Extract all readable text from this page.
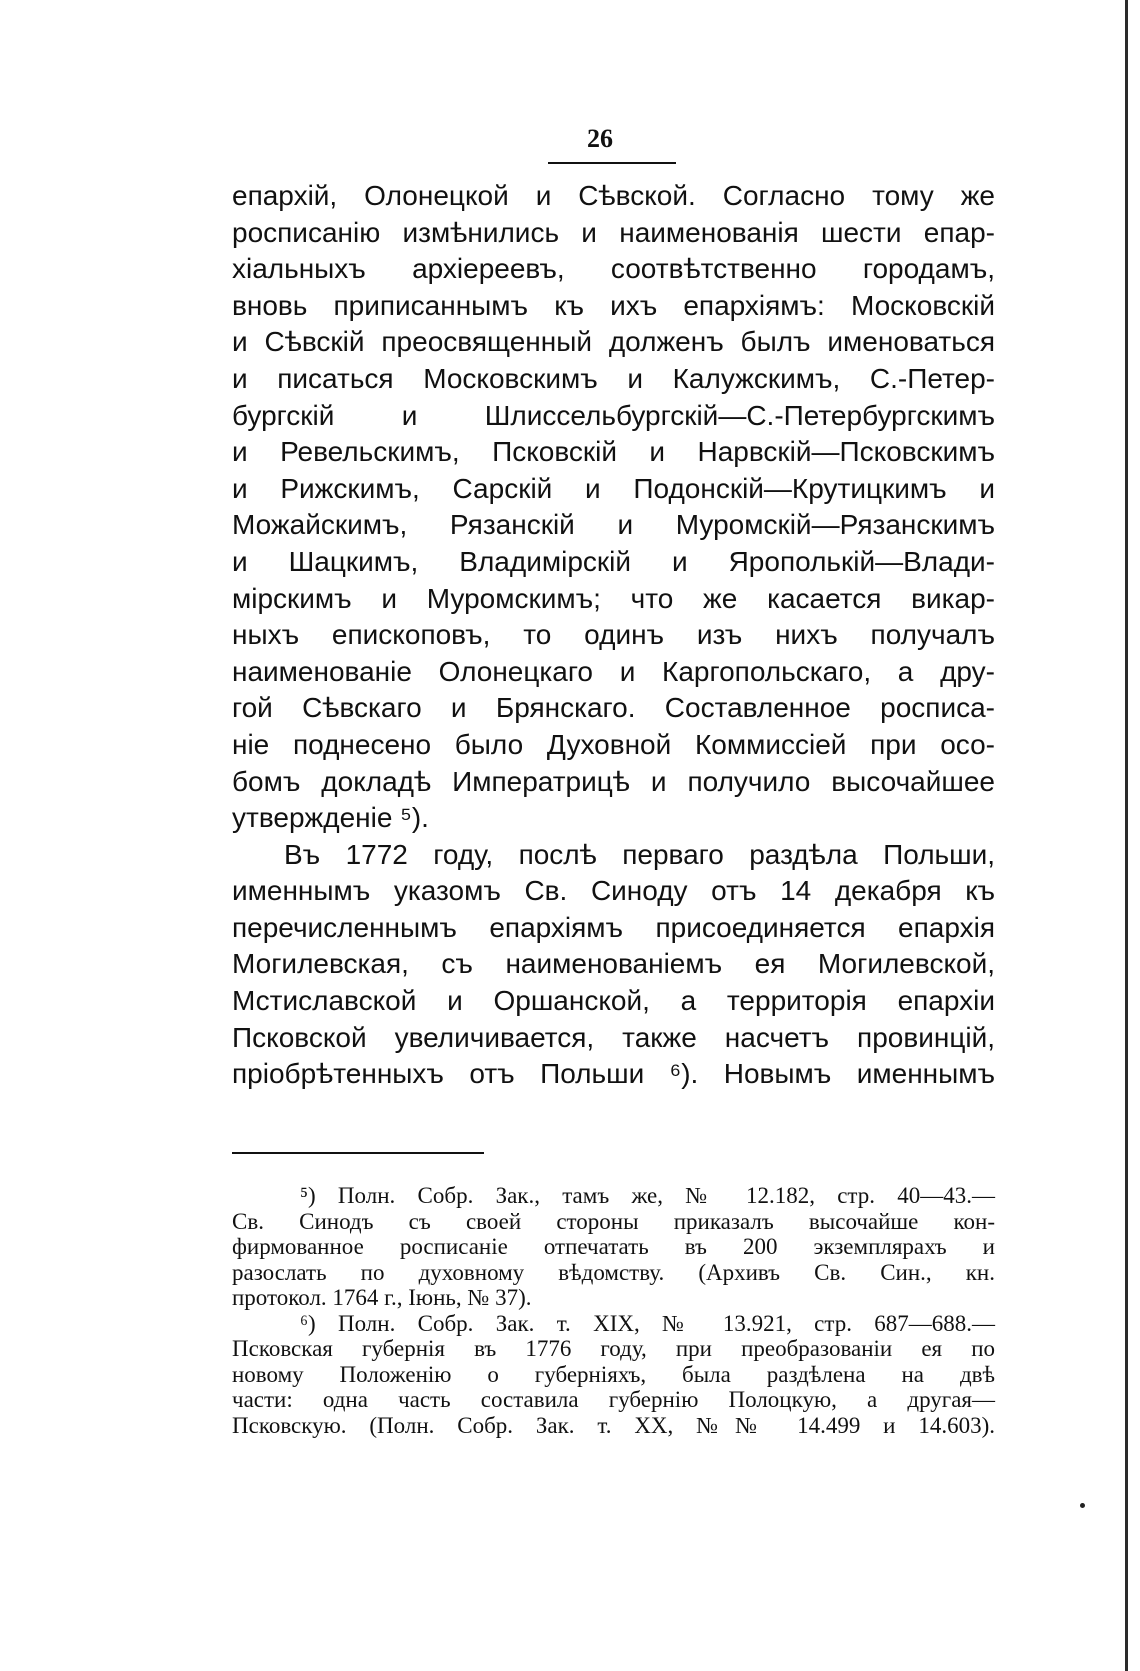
26
епархій, Олонецкой и Сѣвской. Согласно тому же
росписанію измѣнились и наименованія шести епар-
хіальныхъ архіереевъ, соотвѣтственно городамъ,
вновь приписаннымъ къ ихъ епархіямъ: Московскій
и Сѣвскій преосвященный долженъ былъ именоваться
и писаться Московскимъ и Калужскимъ, С.-Петер-
бургскій и Шлиссельбургскій—С.-Петербургскимъ
и Ревельскимъ, Псковскій и Нарвскій—Псковскимъ
и Рижскимъ, Сарскій и Подонскій—Крутицкимъ и
Можайскимъ, Рязанскій и Муромскій—Рязанскимъ
и Шацкимъ, Владимірскій и Ярополькій—Влади-
мірскимъ и Муромскимъ; что же касается викар-
ныхъ епископовъ, то одинъ изъ нихъ получалъ
наименованіе Олонецкаго и Каргопольскаго, а дру-
гой Сѣвскаго и Брянскаго. Составленное росписа-
ніе поднесено было Духовной Коммиссіей при осо-
бомъ докладѣ Императрицѣ и получило высочайшее
утвержденіе ⁵).
Въ 1772 году, послѣ перваго раздѣла Польши,
именнымъ указомъ Св. Синоду отъ 14 декабря къ
перечисленнымъ епархіямъ присоединяется епархія
Могилевская, съ наименованіемъ ея Могилевской,
Мстиславской и Оршанской, а территорія епархіи
Псковской увеличивается, также насчетъ провинцій,
пріобрѣтенныхъ отъ Польши ⁶). Новымъ именнымъ
⁵) Полн. Собр. Зак., тамъ же, № 12.182, стр. 40—43.—
Св. Синодъ съ своей стороны приказалъ высочайше кон-
фирмованное росписаніе отпечатать въ 200 экземплярахъ и
разослать по духовному вѣдомству. (Архивъ Св. Син., кн.
протокол. 1764 г., Іюнь, № 37).
⁶) Полн. Собр. Зак. т. XIX, № 13.921, стр. 687—688.—
Псковская губернія въ 1776 году, при преобразованіи ея по
новому Положенію о губерніяхъ, была раздѣлена на двѣ
части: одна часть составила губернію Полоцкую, а другая—
Псковскую. (Полн. Собр. Зак. т. XX, №№ 14.499 и 14.603).
